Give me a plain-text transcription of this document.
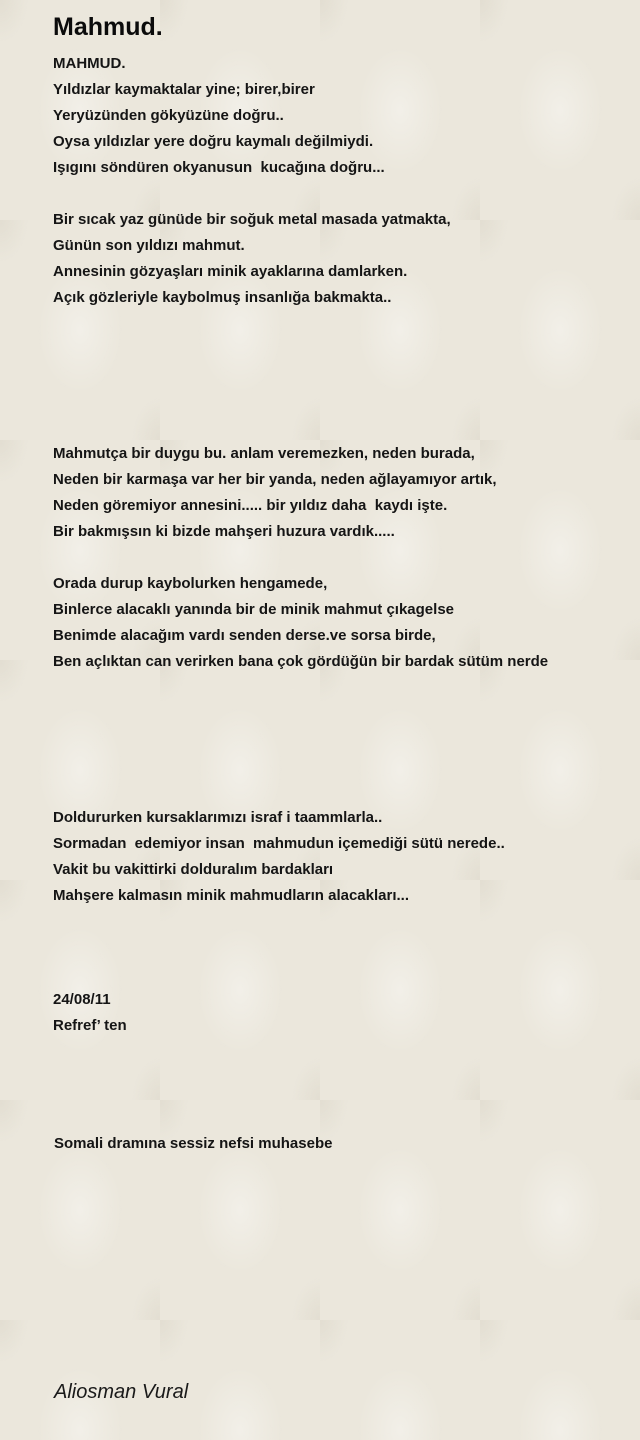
Mahmud.
MAHMUD.
Yıldızlar kaymaktalar yine; birer,birer
Yeryüzünden gökyüzüne doğru..
Oysa yıldızlar yere doğru kaymalı değilmiydi.
Işıgını söndüren okyanusun  kucağına doğru...
Bir sıcak yaz günüde bir soğuk metal masada yatmakta,
Günün son yıldızı mahmut.
Annesinin gözyaşları minik ayaklarına damlarken.
Açık gözleriyle kaybolmuş insanlığa bakmakta..
Mahmutça bir duygu bu. anlam veremezken, neden burada,
Neden bir karmaşa var her bir yanda, neden ağlayamıyor artık,
Neden göremiyor annesini..... bir yıldız daha  kaydı işte.
Bir bakmışsın ki bizde mahşeri huzura vardık.....
Orada durup kaybolurken hengamede,
Binlerce alacaklı yanında bir de minik mahmut çıkagelse
Benimde alacağım vardı senden derse.ve sorsa birde,
Ben açlıktan can verirken bana çok gördüğün bir bardak sütüm nerde
Doldururken kursaklarımızı israf i taammlarla..
Sormadan  edemiyor insan  mahmudun içemediği sütü nerede..
Vakit bu vakittirki dolduralım bardakları
Mahşere kalmasın minik mahmudların alacakları...
24/08/11
Refref’ ten
Somali dramına sessiz nefsi muhasebe
Aliosman Vural
